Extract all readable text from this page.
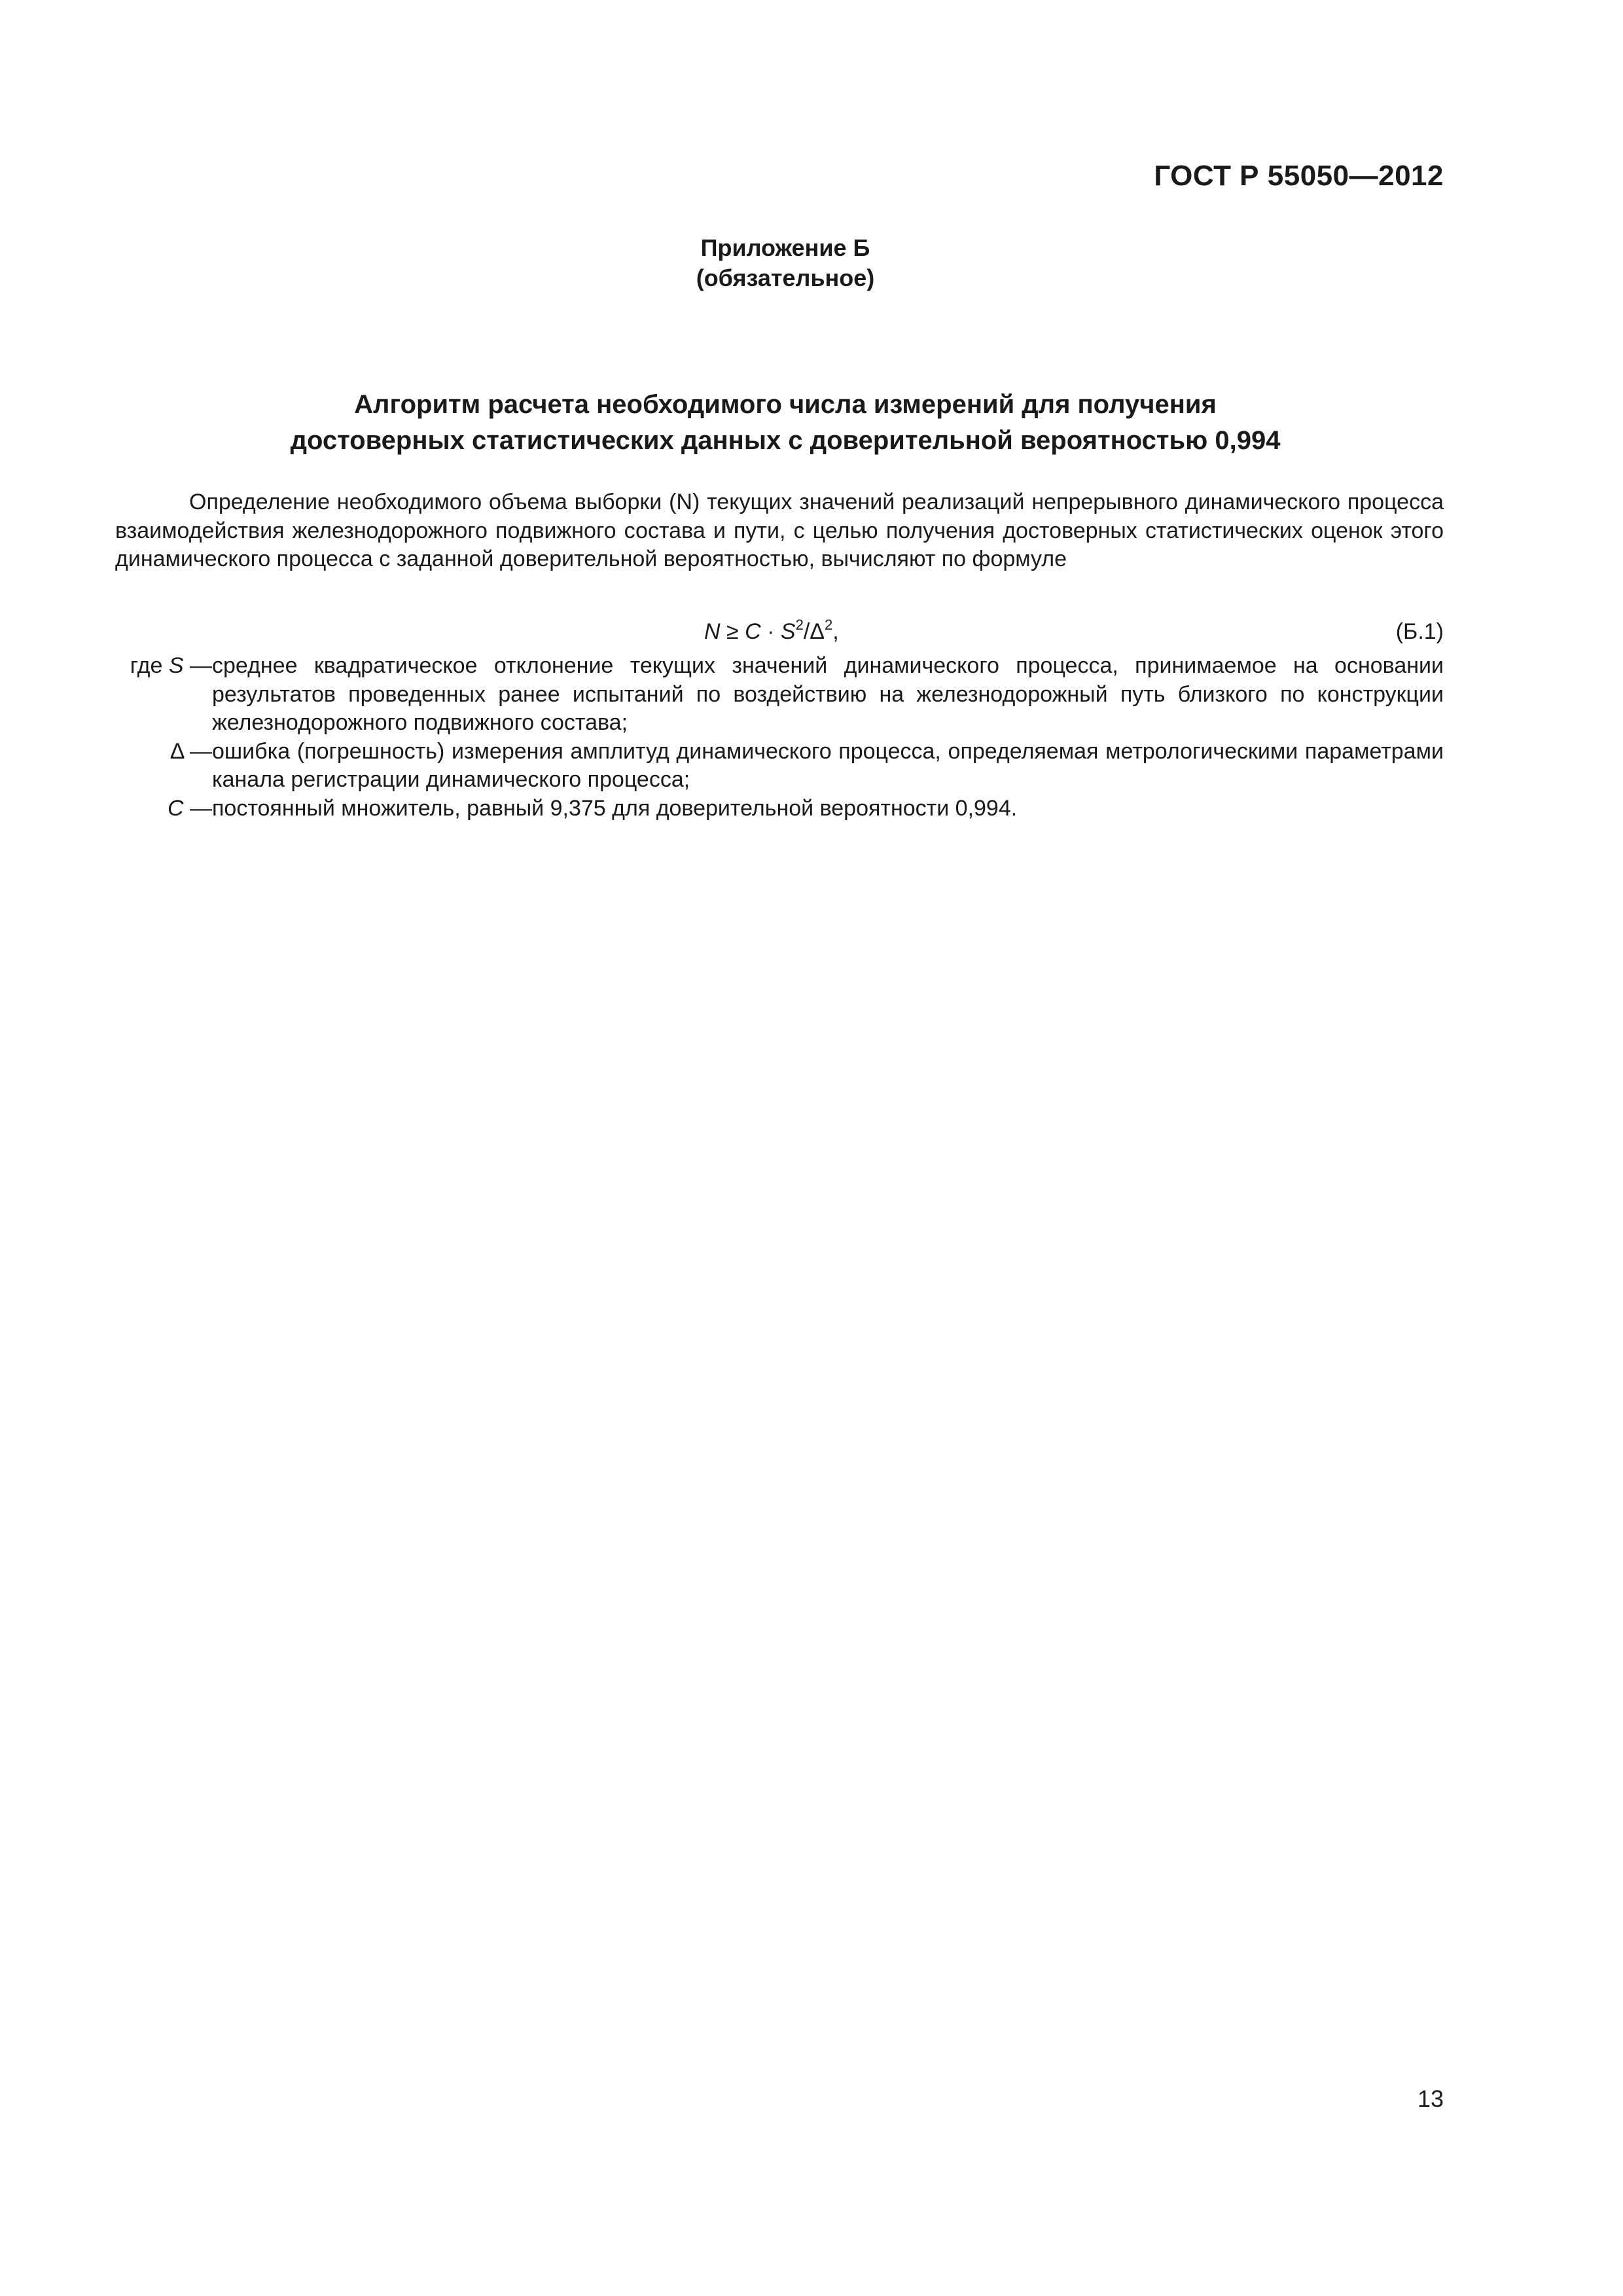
ГОСТ Р 55050—2012
Приложение Б
(обязательное)
Алгоритм расчета необходимого числа измерений для получения
достоверных статистических данных с доверительной вероятностью 0,994
Определение необходимого объема выборки (N) текущих значений реализаций непрерывного динамического процесса взаимодействия железнодорожного подвижного состава и пути, с целью получения достоверных статистических оценок этого динамического процесса с заданной доверительной вероятностью, вычисляют по формуле
$N \ge C \cdot S^2/\Delta^2$,	(Б.1)
где S — среднее квадратическое отклонение текущих значений динамического процесса, принимаемое на основании результатов проведенных ранее испытаний по воздействию на железнодорожный путь близкого по конструкции железнодорожного подвижного состава;
Δ — ошибка (погрешность) измерения амплитуд динамического процесса, определяемая метрологическими параметрами канала регистрации динамического процесса;
C — постоянный множитель, равный 9,375 для доверительной вероятности 0,994.
13
